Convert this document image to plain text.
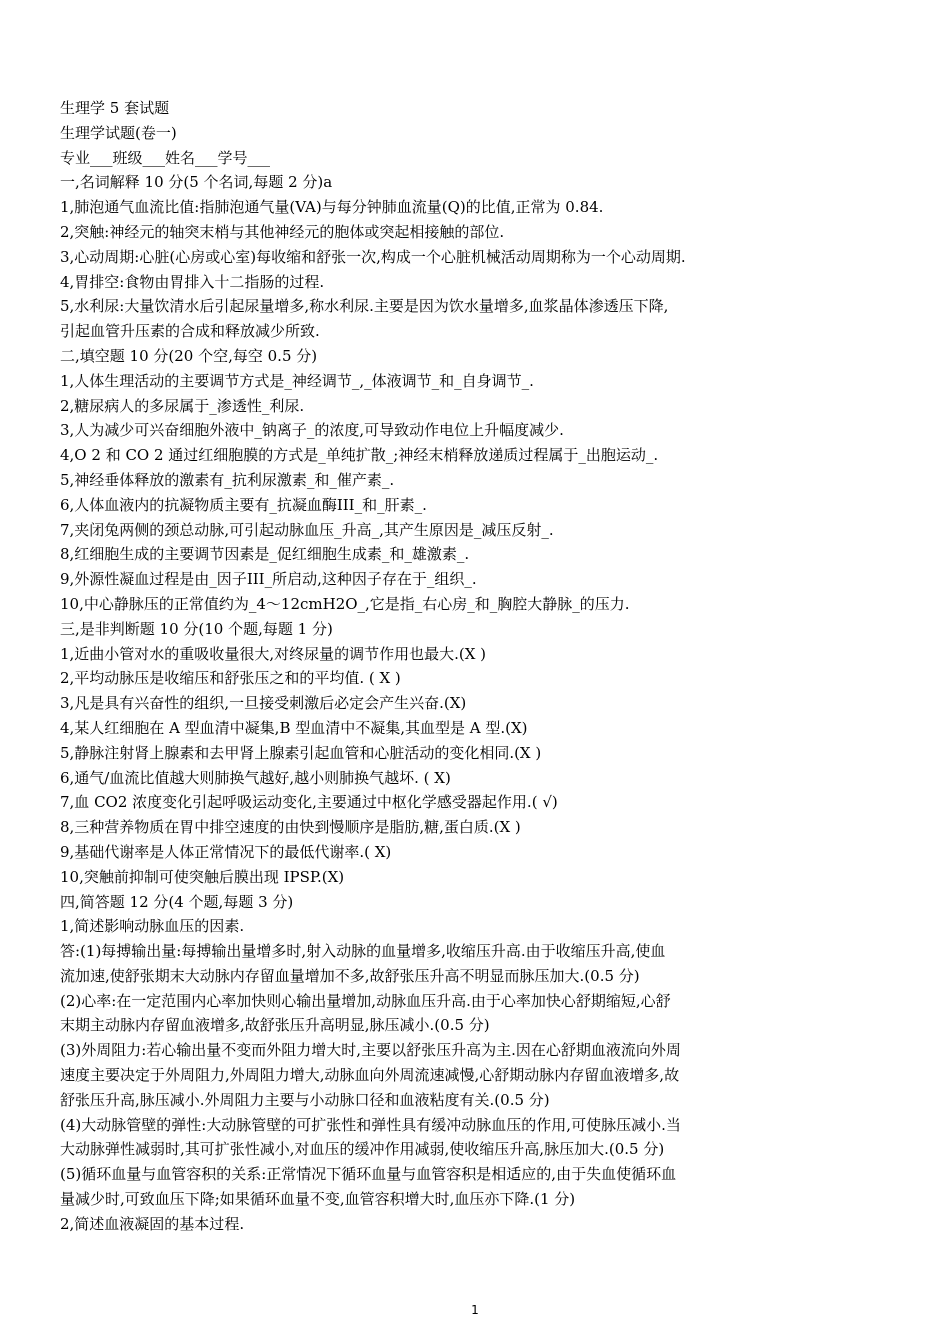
生理学 5 套试题
生理学试题(卷一)
专业___班级___姓名___学号___
一,名词解释 10 分(5 个名词,每题 2 分)a
1,肺泡通气血流比值:指肺泡通气量(VA)与每分钟肺血流量(Q)的比值,正常为 0.84.
2,突触:神经元的轴突末梢与其他神经元的胞体或突起相接触的部位.
3,心动周期:心脏(心房或心室)每收缩和舒张一次,构成一个心脏机械活动周期称为一个心动周期.
4,胃排空:食物由胃排入十二指肠的过程.
5,水利尿:大量饮清水后引起尿量增多,称水利尿.主要是因为饮水量增多,血浆晶体渗透压下降,
引起血管升压素的合成和释放减少所致.
二,填空题 10 分(20 个空,每空 0.5 分)
1,人体生理活动的主要调节方式是_神经调节_,_体液调节_和_自身调节_.
2,糖尿病人的多尿属于_渗透性_利尿.
3,人为减少可兴奋细胞外液中_钠离子_的浓度,可导致动作电位上升幅度减少.
4,O 2 和 CO 2 通过红细胞膜的方式是_单纯扩散_;神经末梢释放递质过程属于_出胞运动_.
5,神经垂体释放的激素有_抗利尿激素_和_催产素_.
6,人体血液内的抗凝物质主要有_抗凝血酶III_和_肝素_.
7,夹闭兔两侧的颈总动脉,可引起动脉血压_升高_,其产生原因是_减压反射_.
8,红细胞生成的主要调节因素是_促红细胞生成素_和_雄激素_.
9,外源性凝血过程是由_因子III_所启动,这种因子存在于_组织_.
10,中心静脉压的正常值约为_4～12cmH2O_,它是指_右心房_和_胸腔大静脉_的压力.
三,是非判断题 10 分(10 个题,每题 1 分)
1,近曲小管对水的重吸收量很大,对终尿量的调节作用也最大.(X )
2,平均动脉压是收缩压和舒张压之和的平均值. ( X )
3,凡是具有兴奋性的组织,一旦接受刺激后必定会产生兴奋.(X)
4,某人红细胞在 A 型血清中凝集,B 型血清中不凝集,其血型是 A 型.(X)
5,静脉注射肾上腺素和去甲肾上腺素引起血管和心脏活动的变化相同.(X )
6,通气/血流比值越大则肺换气越好,越小则肺换气越坏. ( X)
7,血 CO2 浓度变化引起呼吸运动变化,主要通过中枢化学感受器起作用.( √)
8,三种营养物质在胃中排空速度的由快到慢顺序是脂肪,糖,蛋白质.(X )
9,基础代谢率是人体正常情况下的最低代谢率.( X)
10,突触前抑制可使突触后膜出现 IPSP.(X)
四,简答题 12 分(4 个题,每题 3 分)
1,简述影响动脉血压的因素.
答:(1)每搏输出量:每搏输出量增多时,射入动脉的血量增多,收缩压升高.由于收缩压升高,使血
流加速,使舒张期末大动脉内存留血量增加不多,故舒张压升高不明显而脉压加大.(0.5 分)
(2)心率:在一定范围内心率加快则心输出量增加,动脉血压升高.由于心率加快心舒期缩短,心舒
末期主动脉内存留血液增多,故舒张压升高明显,脉压减小.(0.5 分)
(3)外周阻力:若心输出量不变而外阻力增大时,主要以舒张压升高为主.因在心舒期血液流向外周
速度主要决定于外周阻力,外周阻力增大,动脉血向外周流速减慢,心舒期动脉内存留血液增多,故
舒张压升高,脉压减小.外周阻力主要与小动脉口径和血液粘度有关.(0.5 分)
(4)大动脉管壁的弹性:大动脉管壁的可扩张性和弹性具有缓冲动脉血压的作用,可使脉压减小.当
大动脉弹性减弱时,其可扩张性减小,对血压的缓冲作用减弱,使收缩压升高,脉压加大.(0.5 分)
(5)循环血量与血管容积的关系:正常情况下循环血量与血管容积是相适应的,由于失血使循环血
量减少时,可致血压下降;如果循环血量不变,血管容积增大时,血压亦下降.(1 分)
2,简述血液凝固的基本过程.
1
